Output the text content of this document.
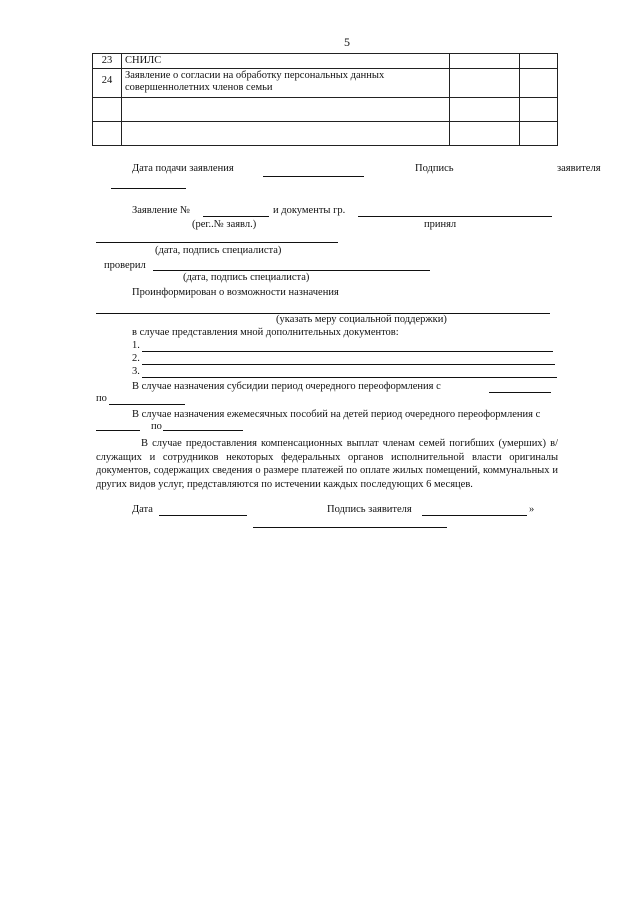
5
23	СНИЛС		
24	Заявление о согласии на обработку персональных данных совершеннолетних членов семьи		

Дата подачи заявления	Подпись	заявителя
Заявление №	и документы гр.
(рег..№ заявл.)	принял
(дата, подпись специалиста)
проверил
(дата, подпись специалиста)
Проинформирован о возможности назначения
(указать меру социальной поддержки)
в случае представления мной дополнительных документов:
1.
2.
3.
В случае назначения субсидии период очередного переоформления с
по
В случае назначения ежемесячных пособий на детей период очередного переоформления с
по

В случае предоставления компенсационных выплат членам семей погибших (умерших) в/служащих и сотрудников некоторых федеральных органов исполнительной власти оригиналы документов, содержащих сведения о размере платежей по оплате жилых помещений, коммунальных и других видов услуг, представляются по истечении каждых последующих 6 месяцев.

Дата	Подпись заявителя	»
